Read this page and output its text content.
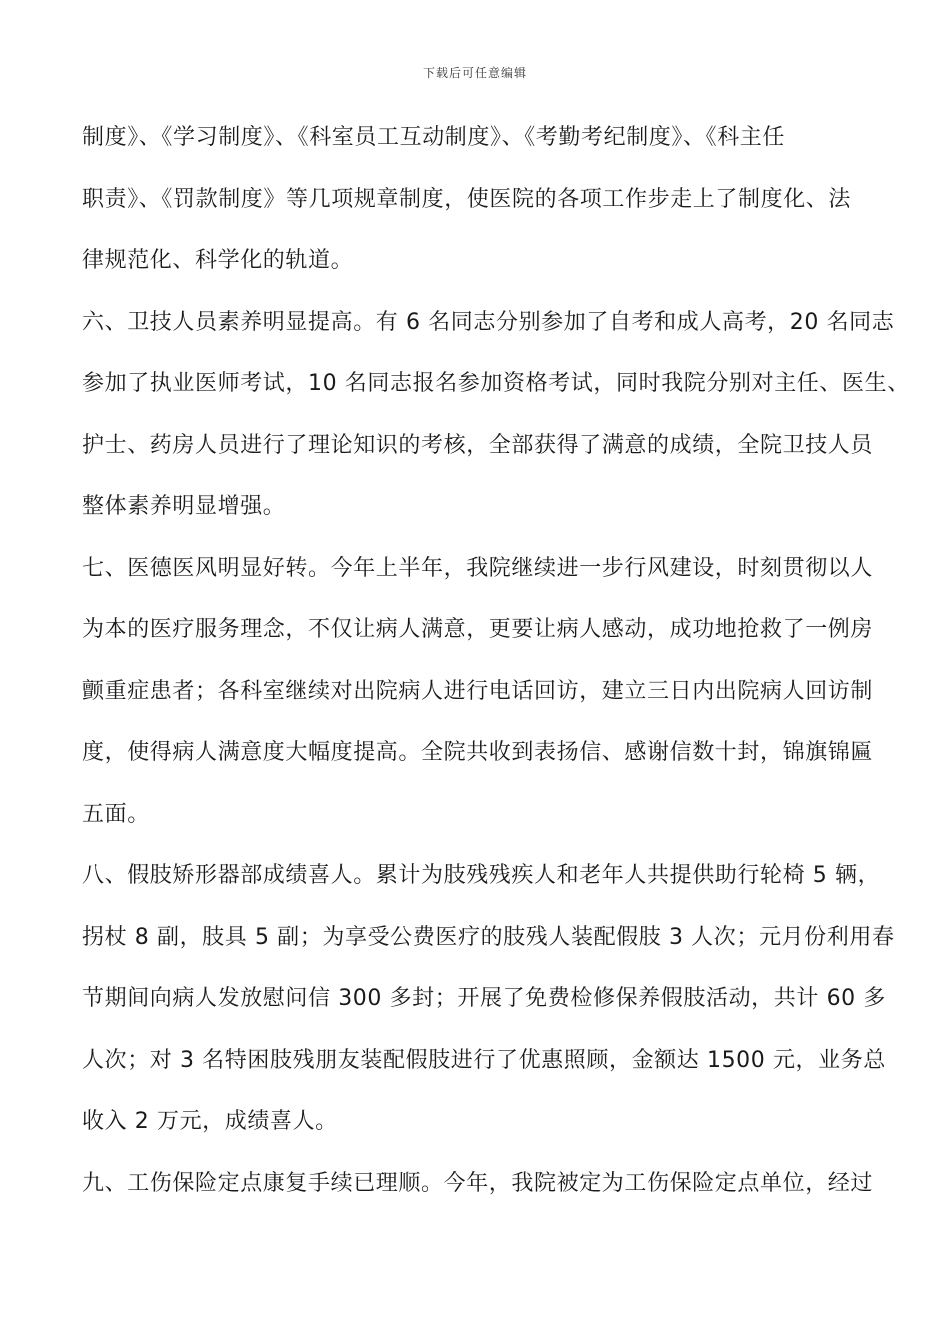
下载后可任意编辑
制度》、《学习制度》、《科室员工互动制度》、《考勤考纪制度》、《科主任
职责》、《罚款制度》等几项规章制度，使医院的各项工作步走上了制度化、法
律规范化、科学化的轨道。
六、卫技人员素养明显提高。有 6 名同志分别参加了自考和成人高考，20 名同志
参加了执业医师考试，10 名同志报名参加资格考试，同时我院分别对主任、医生、
护士、药房人员进行了理论知识的考核，全部获得了满意的成绩，全院卫技人员
整体素养明显增强。
七、医德医风明显好转。今年上半年，我院继续进一步行风建设，时刻贯彻以人
为本的医疗服务理念，不仅让病人满意，更要让病人感动，成功地抢救了一例房
颤重症患者；各科室继续对出院病人进行电话回访，建立三日内出院病人回访制
度，使得病人满意度大幅度提高。全院共收到表扬信、感谢信数十封，锦旗锦匾
五面。
八、假肢矫形器部成绩喜人。累计为肢残残疾人和老年人共提供助行轮椅 5 辆，
拐杖 8 副，肢具 5 副；为享受公费医疗的肢残人装配假肢 3 人次；元月份利用春
节期间向病人发放慰问信 300 多封；开展了免费检修保养假肢活动，共计 60 多
人次；对 3 名特困肢残朋友装配假肢进行了优惠照顾，金额达 1500 元，业务总
收入 2 万元，成绩喜人。
九、工伤保险定点康复手续已理顺。今年，我院被定为工伤保险定点单位，经过
